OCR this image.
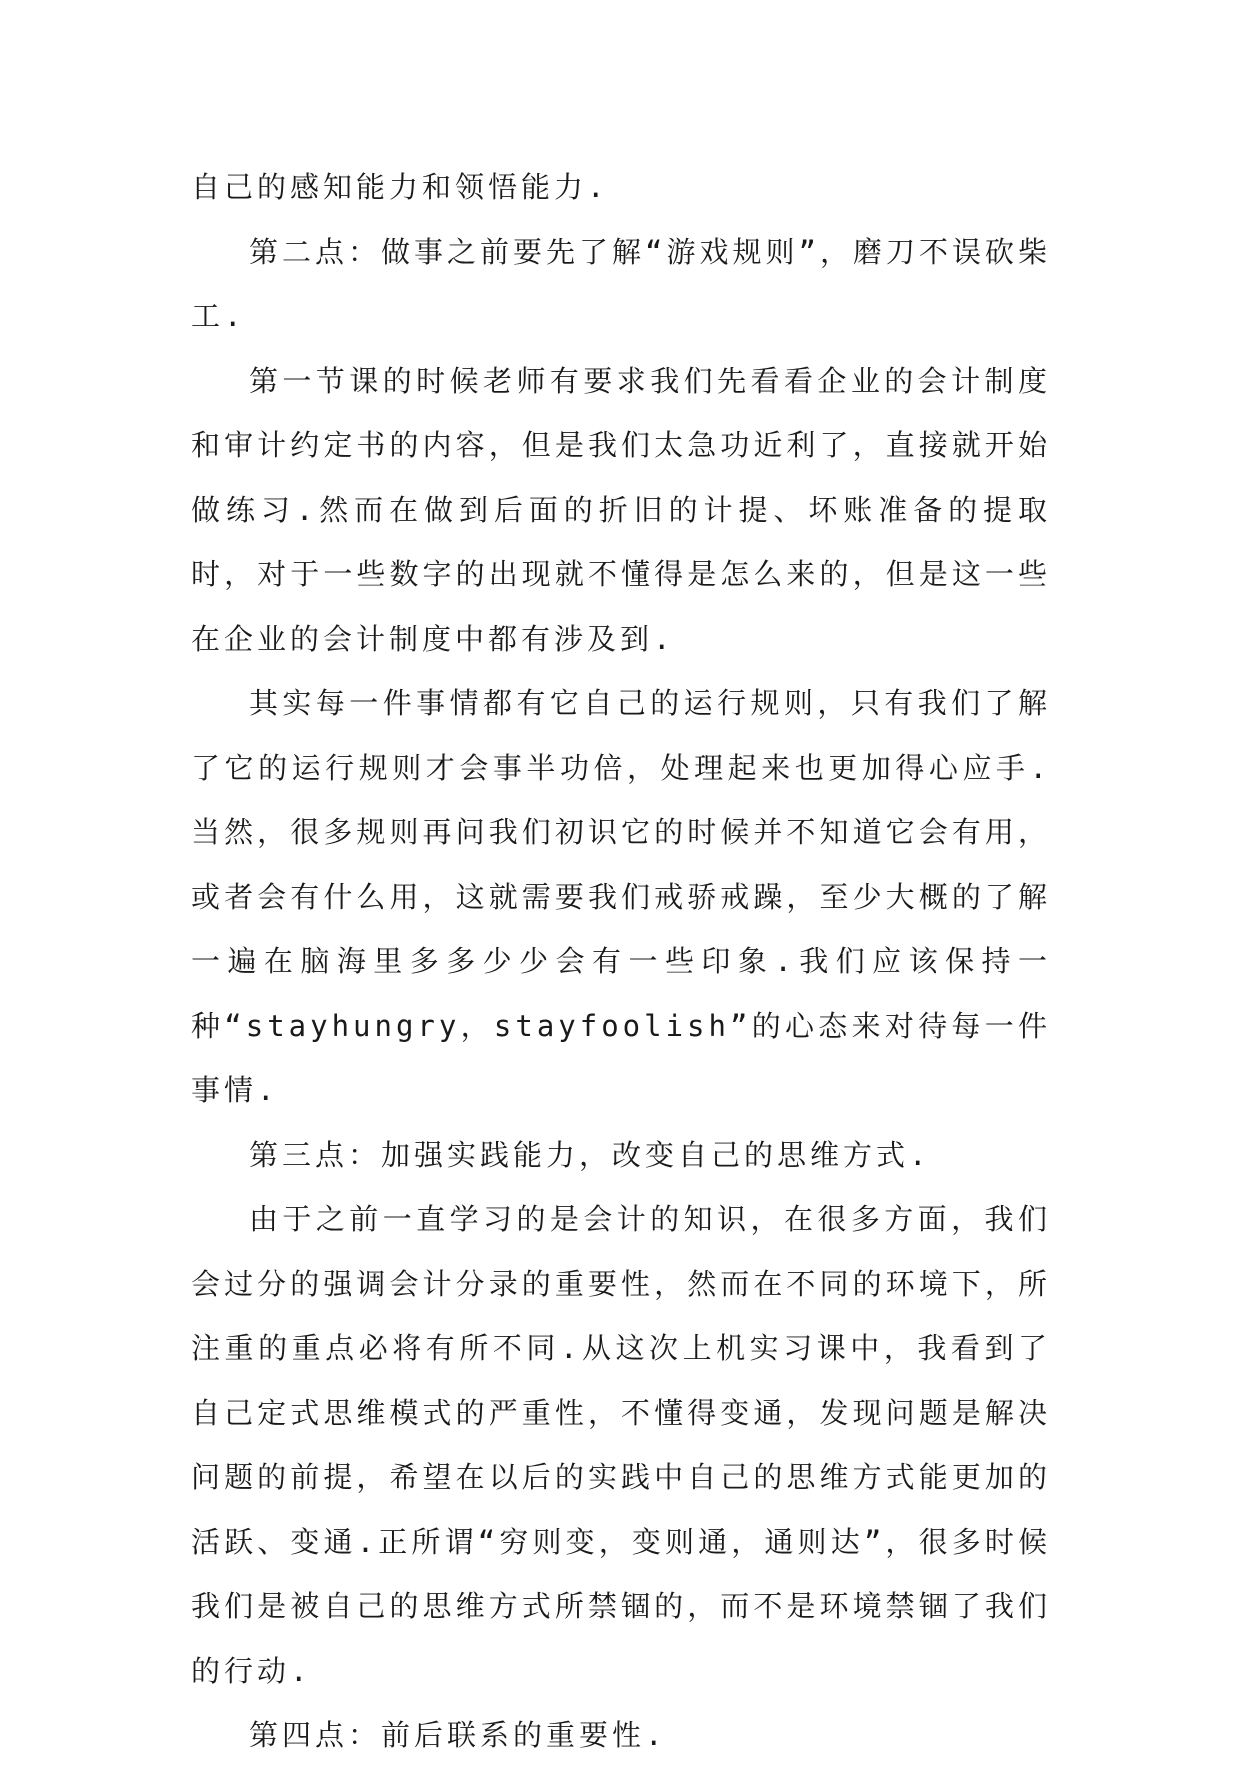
自己的感知能力和领悟能力.

第二点：做事之前要先了解“游戏规则”，磨刀不误砍柴工.

第一节课的时候老师有要求我们先看看企业的会计制度和审计约定书的内容，但是我们太急功近利了，直接就开始做练习.然而在做到后面的折旧的计提、坏账准备的提取时，对于一些数字的出现就不懂得是怎么来的，但是这一些在企业的会计制度中都有涉及到.

其实每一件事情都有它自己的运行规则，只有我们了解了它的运行规则才会事半功倍，处理起来也更加得心应手.当然，很多规则再问我们初识它的时候并不知道它会有用，或者会有什么用，这就需要我们戒骄戒躁，至少大概的了解一遍在脑海里多多少少会有一些印象.我们应该保持一种“stayhungry，stayfoolish”的心态来对待每一件事情.

第三点：加强实践能力，改变自己的思维方式.

由于之前一直学习的是会计的知识，在很多方面，我们会过分的强调会计分录的重要性，然而在不同的环境下，所注重的重点必将有所不同.从这次上机实习课中，我看到了自己定式思维模式的严重性，不懂得变通，发现问题是解决问题的前提，希望在以后的实践中自己的思维方式能更加的活跃、变通.正所谓“穷则变，变则通，通则达”，很多时候我们是被自己的思维方式所禁锢的，而不是环境禁锢了我们的行动.

第四点：前后联系的重要性.
